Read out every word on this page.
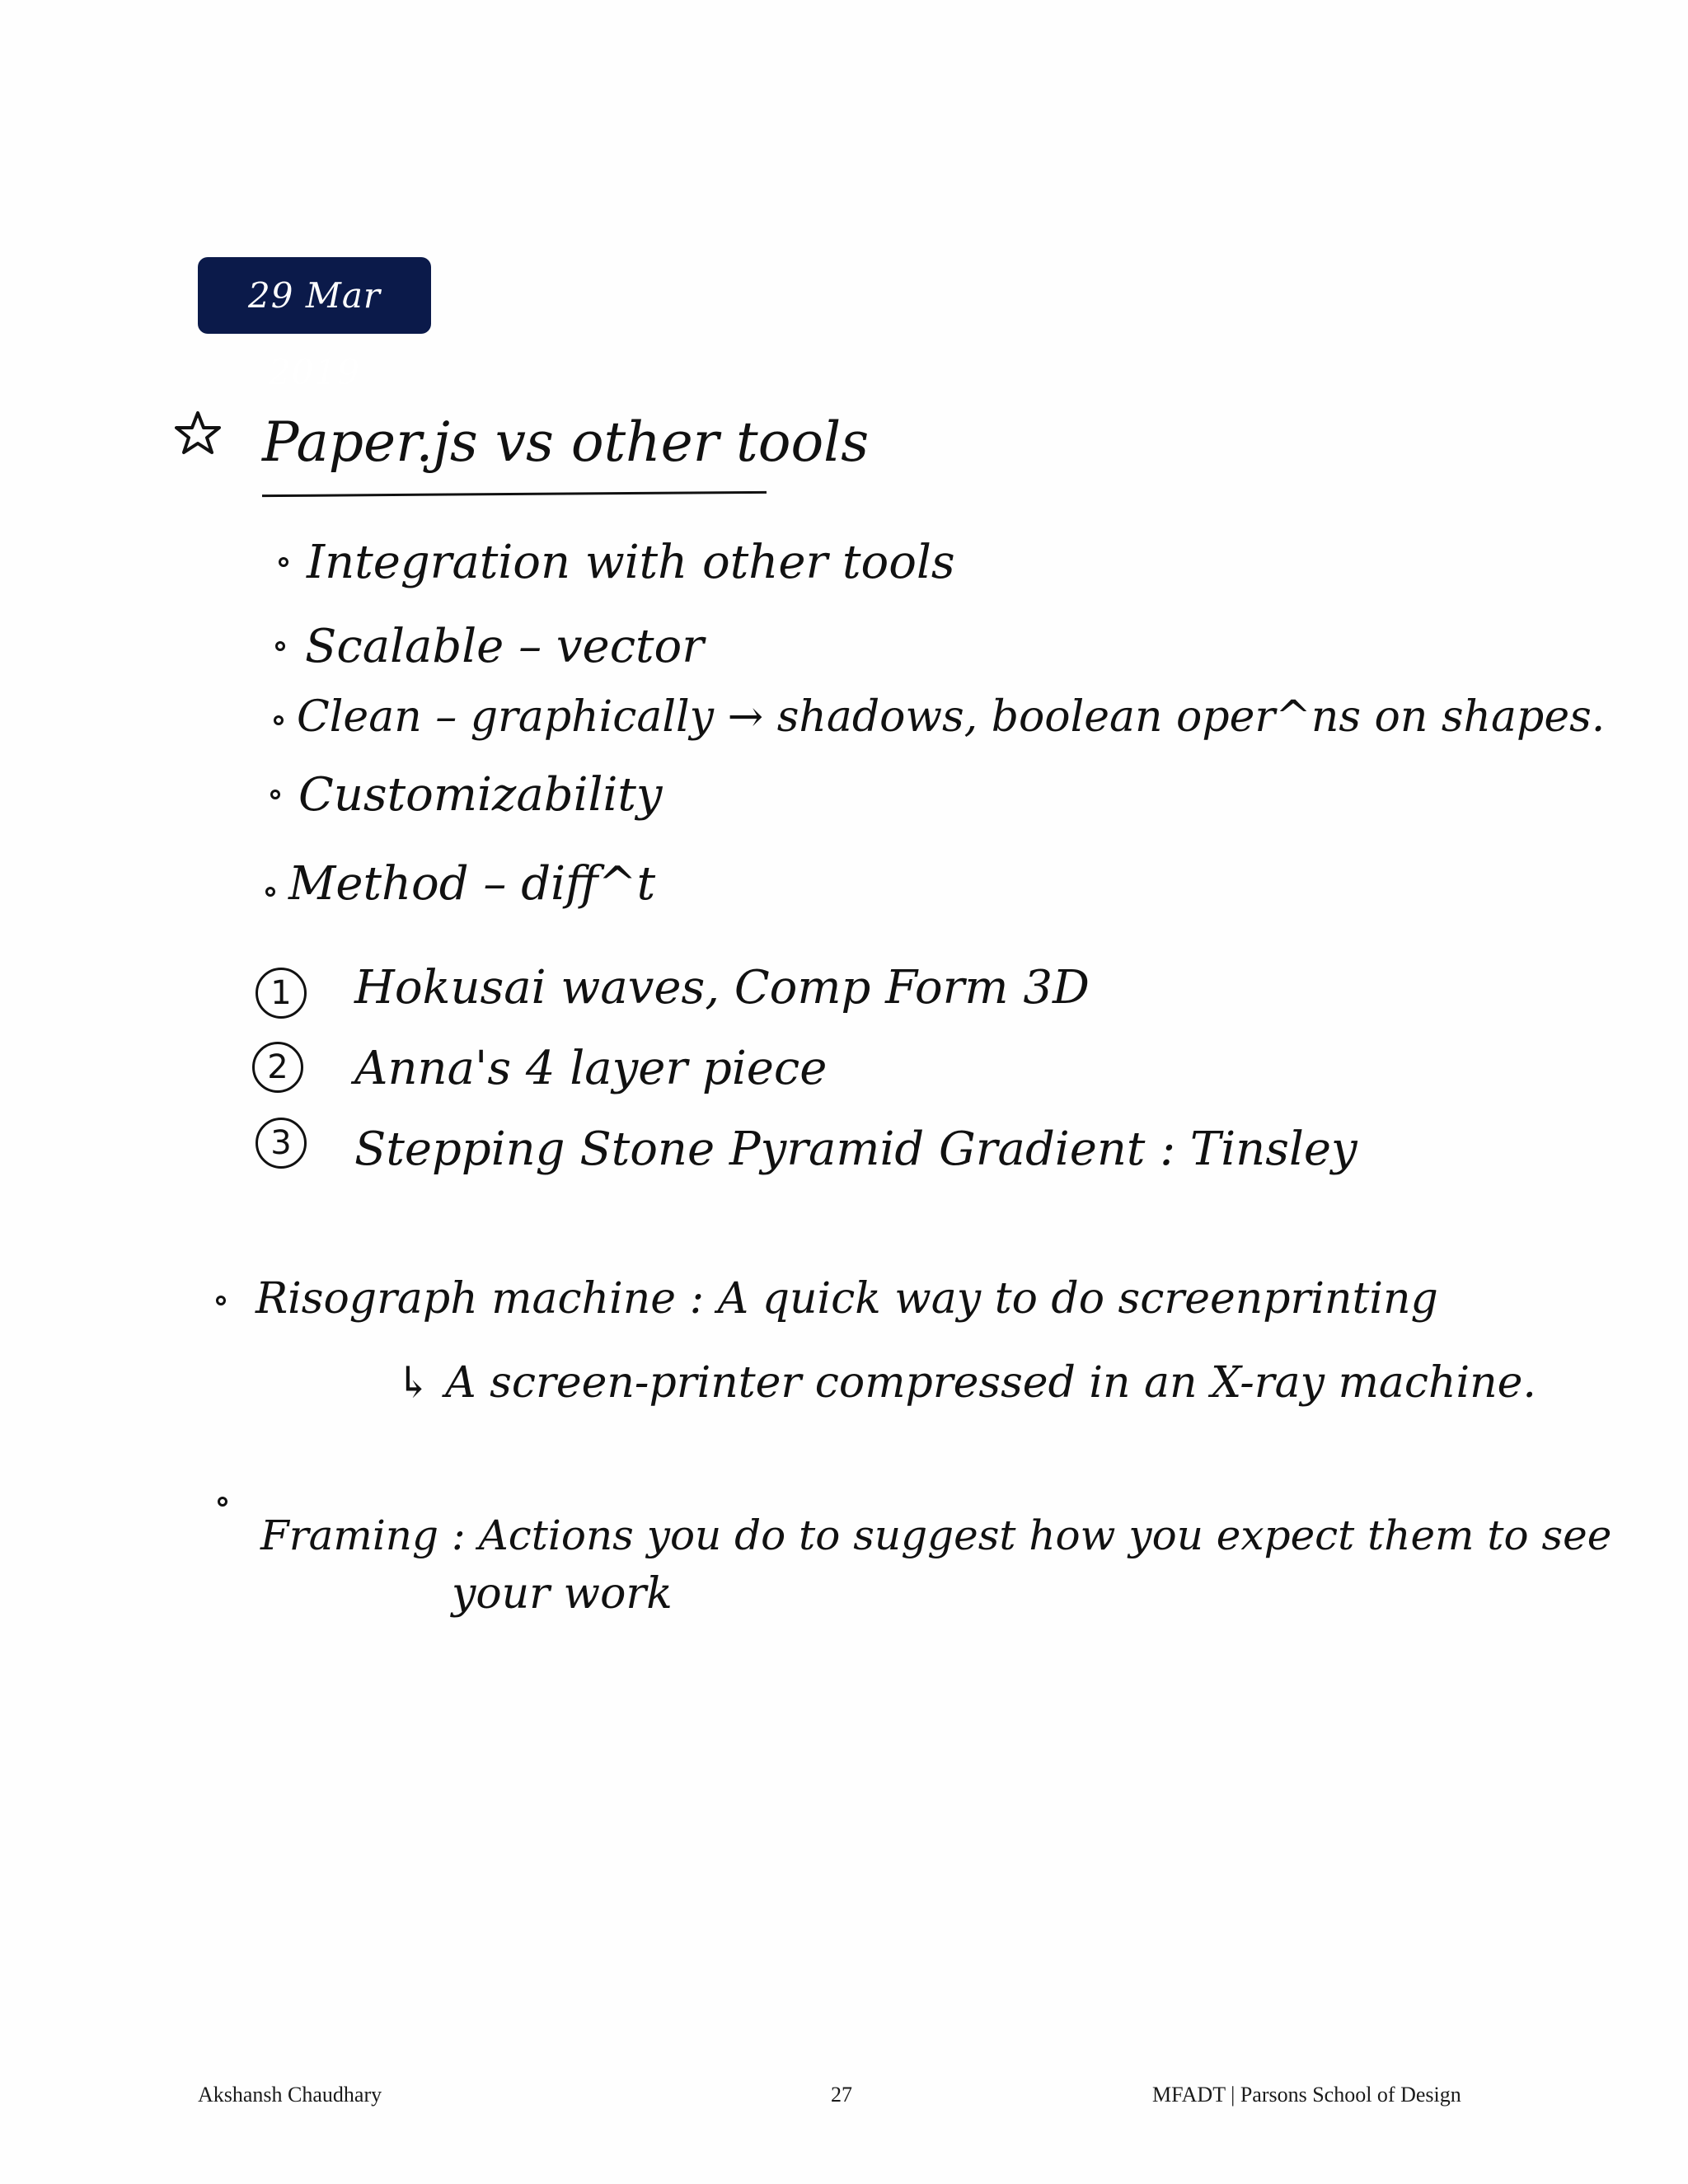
29 Mar 2019
Paper.js vs other tools
Integration with other tools
Scalable – vector
Clean – graphically → shadows, boolean oper^ns on shapes.
Customizability
Method – diff^t
1	Hokusai waves, Comp Form 3D
2	Anna's 4 layer piece
3	Stepping Stone Pyramid Gradient : Tinsley
Risograph machine : A quick way to do screenprinting
↳ A screen-printer compressed in an X-ray machine.
Framing : Actions you do to suggest how you expect them to see
your work
Akshansh Chaudhary	27	MFADT | Parsons School of Design
